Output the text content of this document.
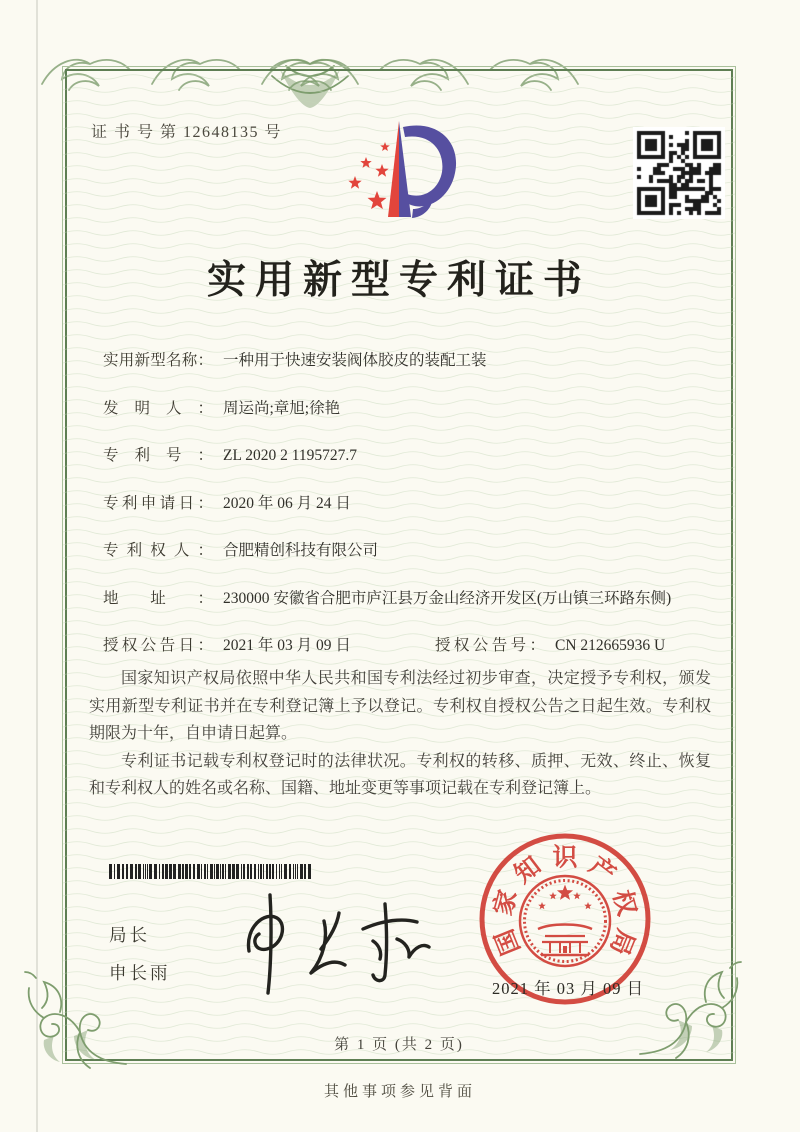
证 书 号 第 12648135 号
实用新型专利证书
实用新型名称： 一种用于快速安装阀体胶皮的装配工装
发明人： 周运尚;章旭;徐艳
专利号： ZL 2020 2 1195727.7
专利申请日： 2020 年 06 月 24 日
专利权人： 合肥精创科技有限公司
地址： 230000 安徽省合肥市庐江县万金山经济开发区(万山镇三环路东侧)
授权公告日： 2021 年 03 月 09 日	授权公告号： CN 212665936 U

国家知识产权局依照中华人民共和国专利法经过初步审查，决定授予专利权，颁发实用新型专利证书并在专利登记簿上予以登记。专利权自授权公告之日起生效。专利权期限为十年，自申请日起算。

专利证书记载专利权登记时的法律状况。专利权的转移、质押、无效、终止、恢复和专利权人的姓名或名称、国籍、地址变更等事项记载在专利登记簿上。

局长
申长雨
国
家
知 识 产
权
局
2021 年 03 月 09 日
第 1 页 (共 2 页)
其他事项参见背面
